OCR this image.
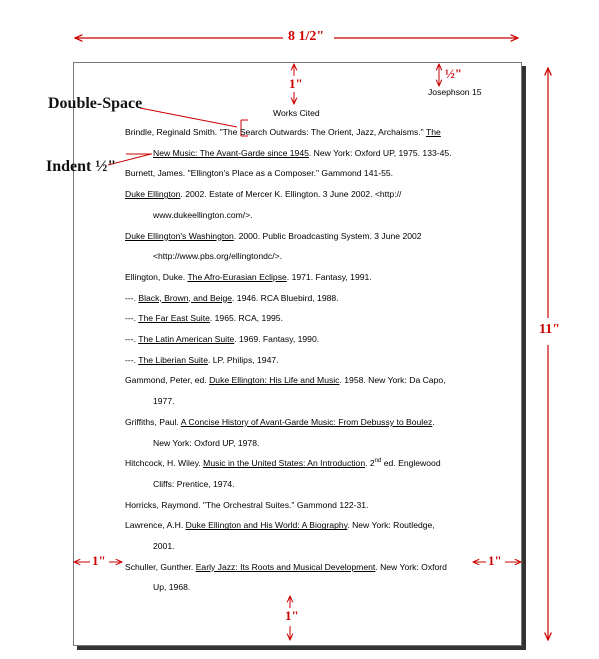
8 1/2"
11"
1"
½"
1"
1"	1"
Double-Space
Indent ½"
Josephson 15
Works Cited
Brindle, Reginald Smith. "The Search Outwards: The Orient, Jazz, Archaisms." The
New Music: The Avant-Garde since 1945. New York: Oxford UP, 1975. 133-45.
Burnett, James. "Ellington's Place as a Composer." Gammond 141-55.
Duke Ellington. 2002. Estate of Mercer K. Ellington. 3 June 2002. <http://
www.dukeellington.com/>.
Duke Ellington's Washington. 2000. Public Broadcasting System. 3 June 2002
<http://www.pbs.org/ellingtondc/>.
Ellington, Duke. The Afro-Eurasian Eclipse. 1971. Fantasy, 1991.
---. Black, Brown, and Beige. 1946. RCA Bluebird, 1988.
---. The Far East Suite. 1965. RCA, 1995.
---. The Latin American Suite. 1969. Fantasy, 1990.
---. The Liberian Suite. LP. Philips, 1947.
Gammond, Peter, ed. Duke Ellington: His Life and Music. 1958. New York: Da Capo,
1977.
Griffiths, Paul. A Concise History of Avant-Garde Music: From Debussy to Boulez.
New York: Oxford UP, 1978.
Hitchcock, H. Wiley. Music in the United States: An Introduction. 2nd ed. Englewood
Cliffs: Prentice, 1974.
Horricks, Raymond. "The Orchestral Suites." Gammond 122-31.
Lawrence, A.H. Duke Ellington and His World: A Biography. New York: Routledge,
2001.
Schuller, Gunther. Early Jazz: Its Roots and Musical Development. New York: Oxford
Up, 1968.
